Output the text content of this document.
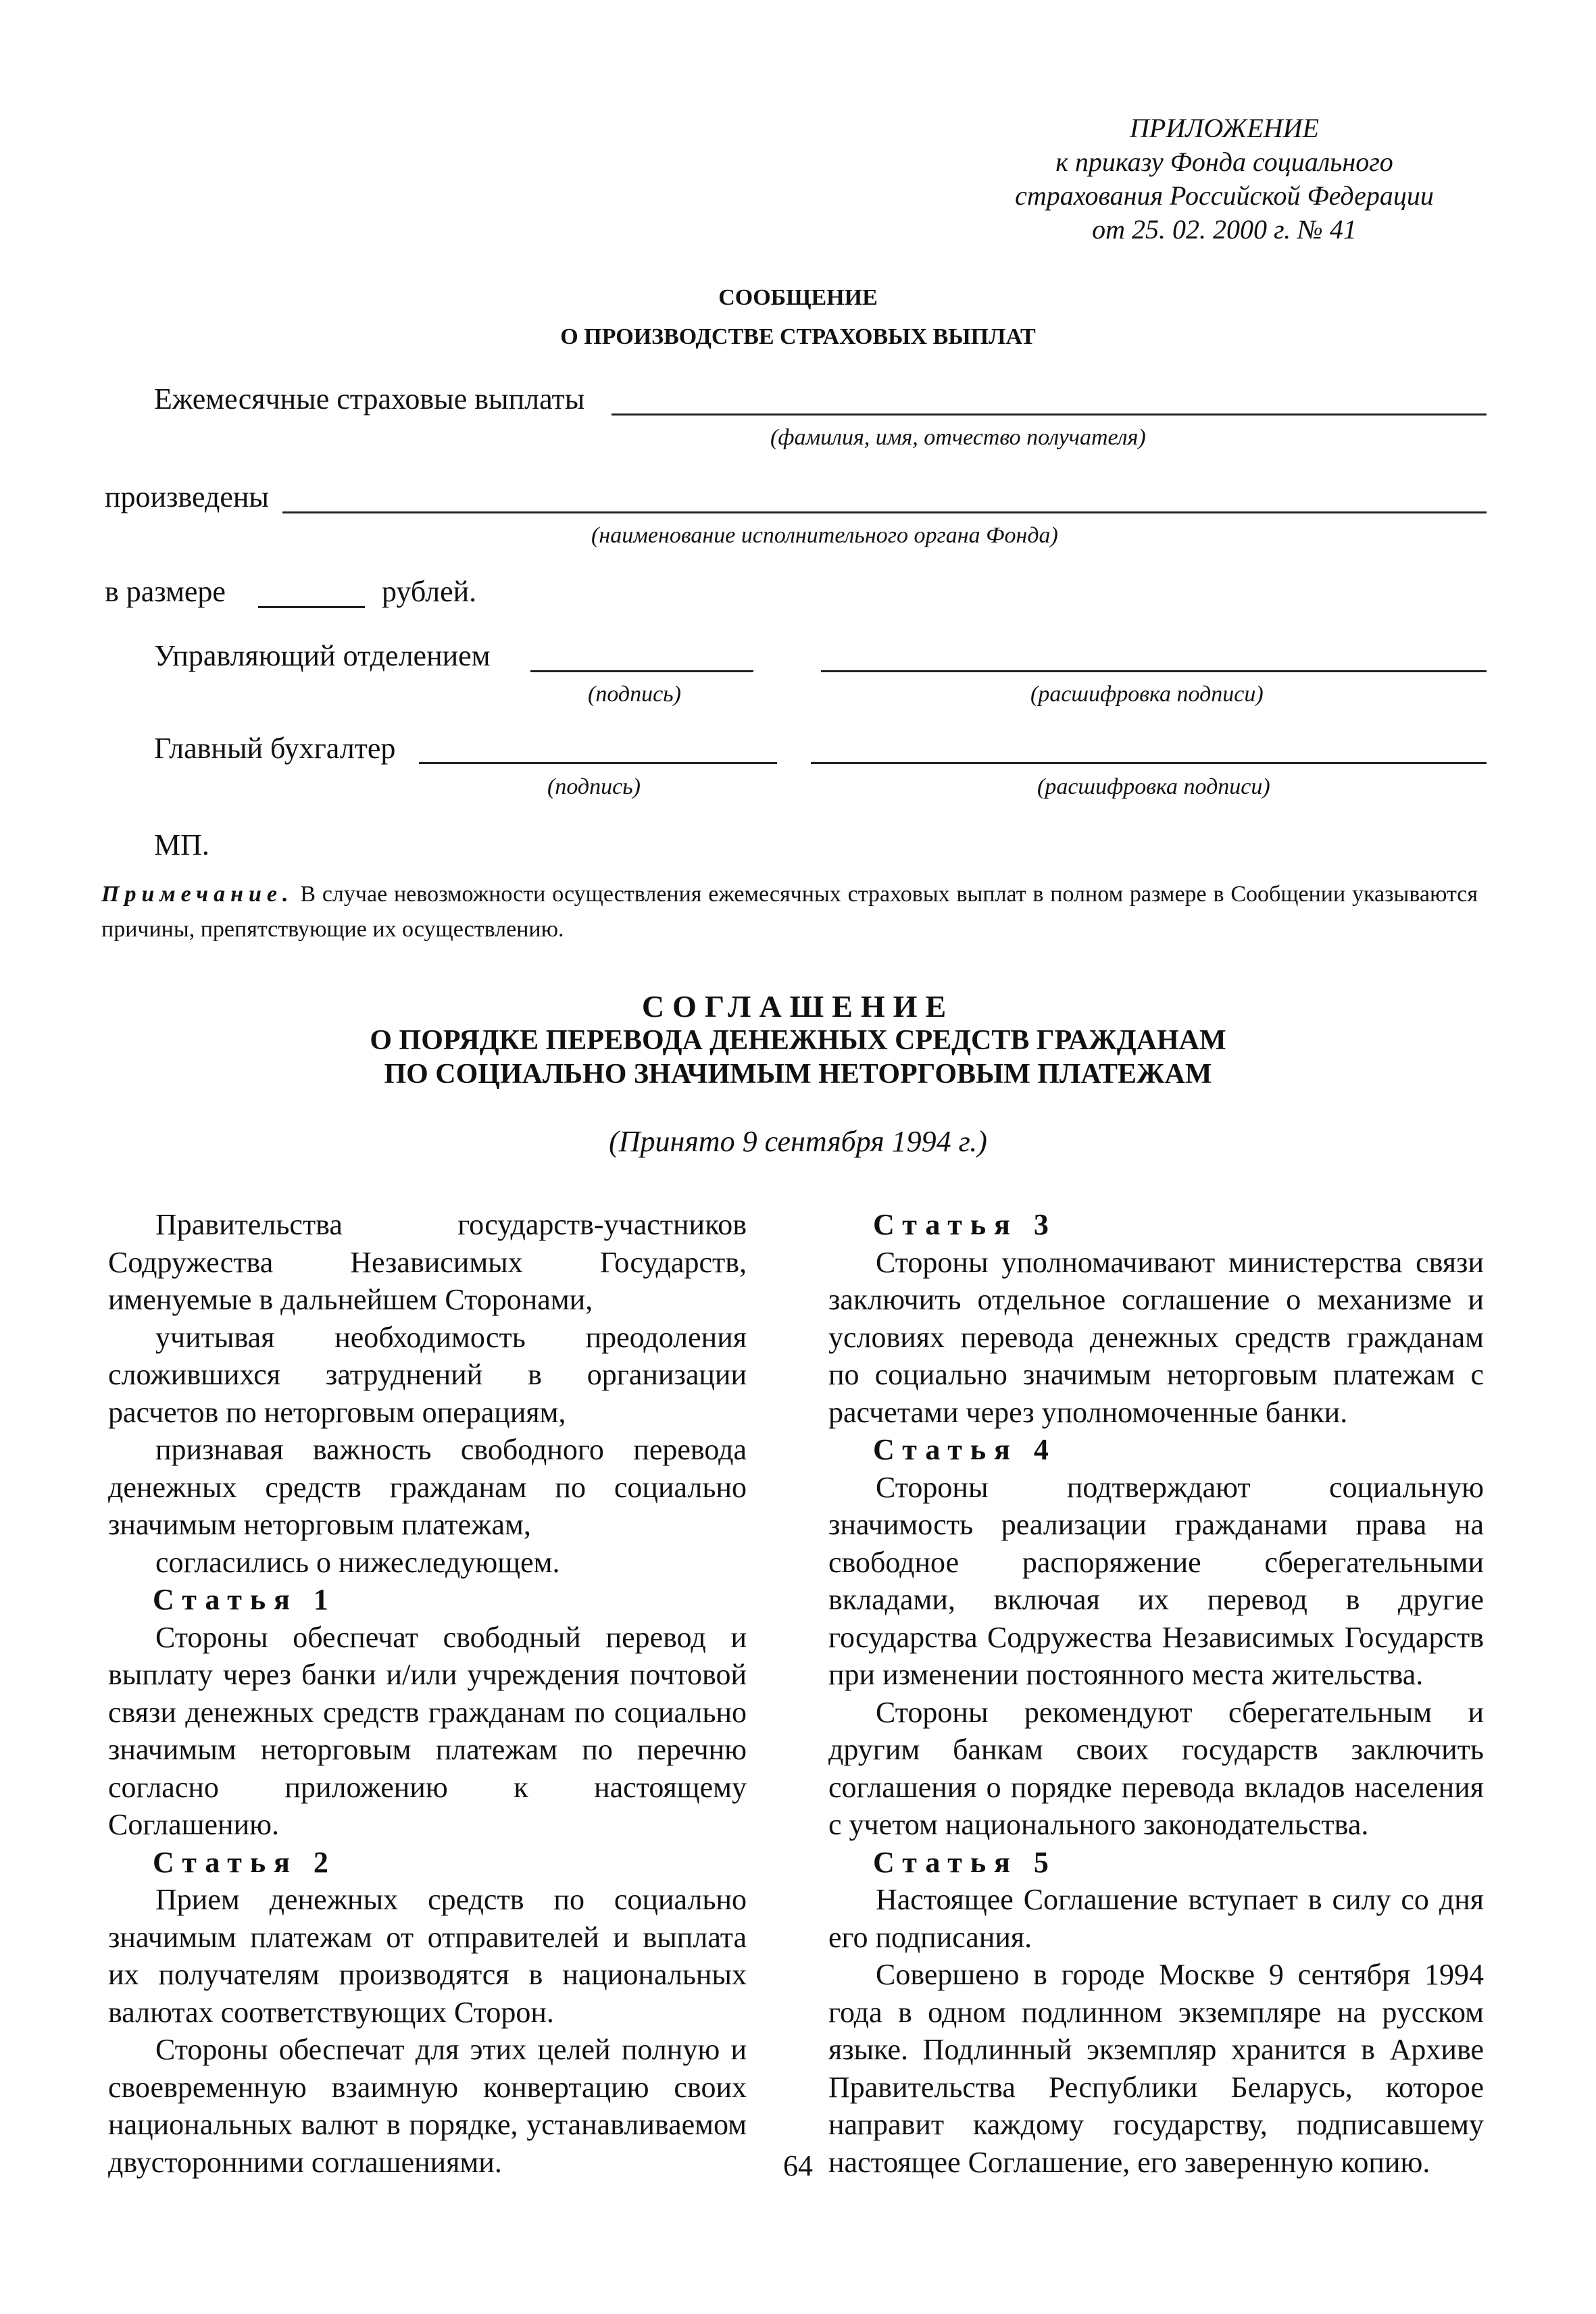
ПРИЛОЖЕНИЕ
к приказу Фонда социального
страхования Российской Федерации
от 25. 02. 2000 г. № 41
СООБЩЕНИЕ
О ПРОИЗВОДСТВЕ СТРАХОВЫХ ВЫПЛАТ
Ежемесячные страховые выплаты
(фамилия, имя, отчество получателя)
произведены
(наименование исполнительного органа Фонда)
в размере	рублей.
Управляющий отделением
(подпись)	(расшифровка подписи)
Главный бухгалтер
(подпись)	(расшифровка подписи)
МП.
Примечание. В случае невозможности осуществления ежемесячных страховых выплат в полном размере в Сообщении указываются причины, препятствующие их осуществлению.
СОГЛАШЕНИЕ
О ПОРЯДКЕ ПЕРЕВОДА ДЕНЕЖНЫХ СРЕДСТВ ГРАЖДАНАМ
ПО СОЦИАЛЬНО ЗНАЧИМЫМ НЕТОРГОВЫМ ПЛАТЕЖАМ
(Принято 9 сентября 1994 г.)

Правительства государств-участников Содружества Независимых Государств, именуемые в дальнейшем Сторонами,

учитывая необходимость преодоления сложившихся затруднений в организации расчетов по неторговым операциям,

признавая важность свободного перевода денежных средств гражданам по социально значимым неторговым платежам,

согласились о нижеследующем.

Статья 1

Стороны обеспечат свободный перевод и выплату через банки и/или учреждения почтовой связи денежных средств гражданам по социально значимым неторговым платежам по перечню согласно приложению к настоящему Соглашению.

Статья 2

Прием денежных средств по социально значимым платежам от отправителей и выплата их получателям производятся в национальных валютах соответствующих Сторон.

Стороны обеспечат для этих целей полную и своевременную взаимную конвертацию своих национальных валют в порядке, устанавливаемом двусторонними соглашениями.

Статья 3

Стороны уполномачивают министерства связи заключить отдельное соглашение о механизме и условиях перевода денежных средств гражданам по социально значимым неторговым платежам с расчетами через уполномоченные банки.

Статья 4

Стороны подтверждают социальную значимость реализации гражданами права на свободное распоряжение сберегательными вкладами, включая их перевод в другие государства Содружества Независимых Государств при изменении постоянного места жительства.

Стороны рекомендуют сберегательным и другим банкам своих государств заключить соглашения о порядке перевода вкладов населения с учетом национального законодательства.

Статья 5

Настоящее Соглашение вступает в силу со дня его подписания.

Совершено в городе Москве 9 сентября 1994 года в одном подлинном экземпляре на русском языке. Подлинный экземпляр хранится в Архиве Правительства Республики Беларусь, которое направит каждому государству, подписавшему настоящее Соглашение, его заверенную копию.

64
